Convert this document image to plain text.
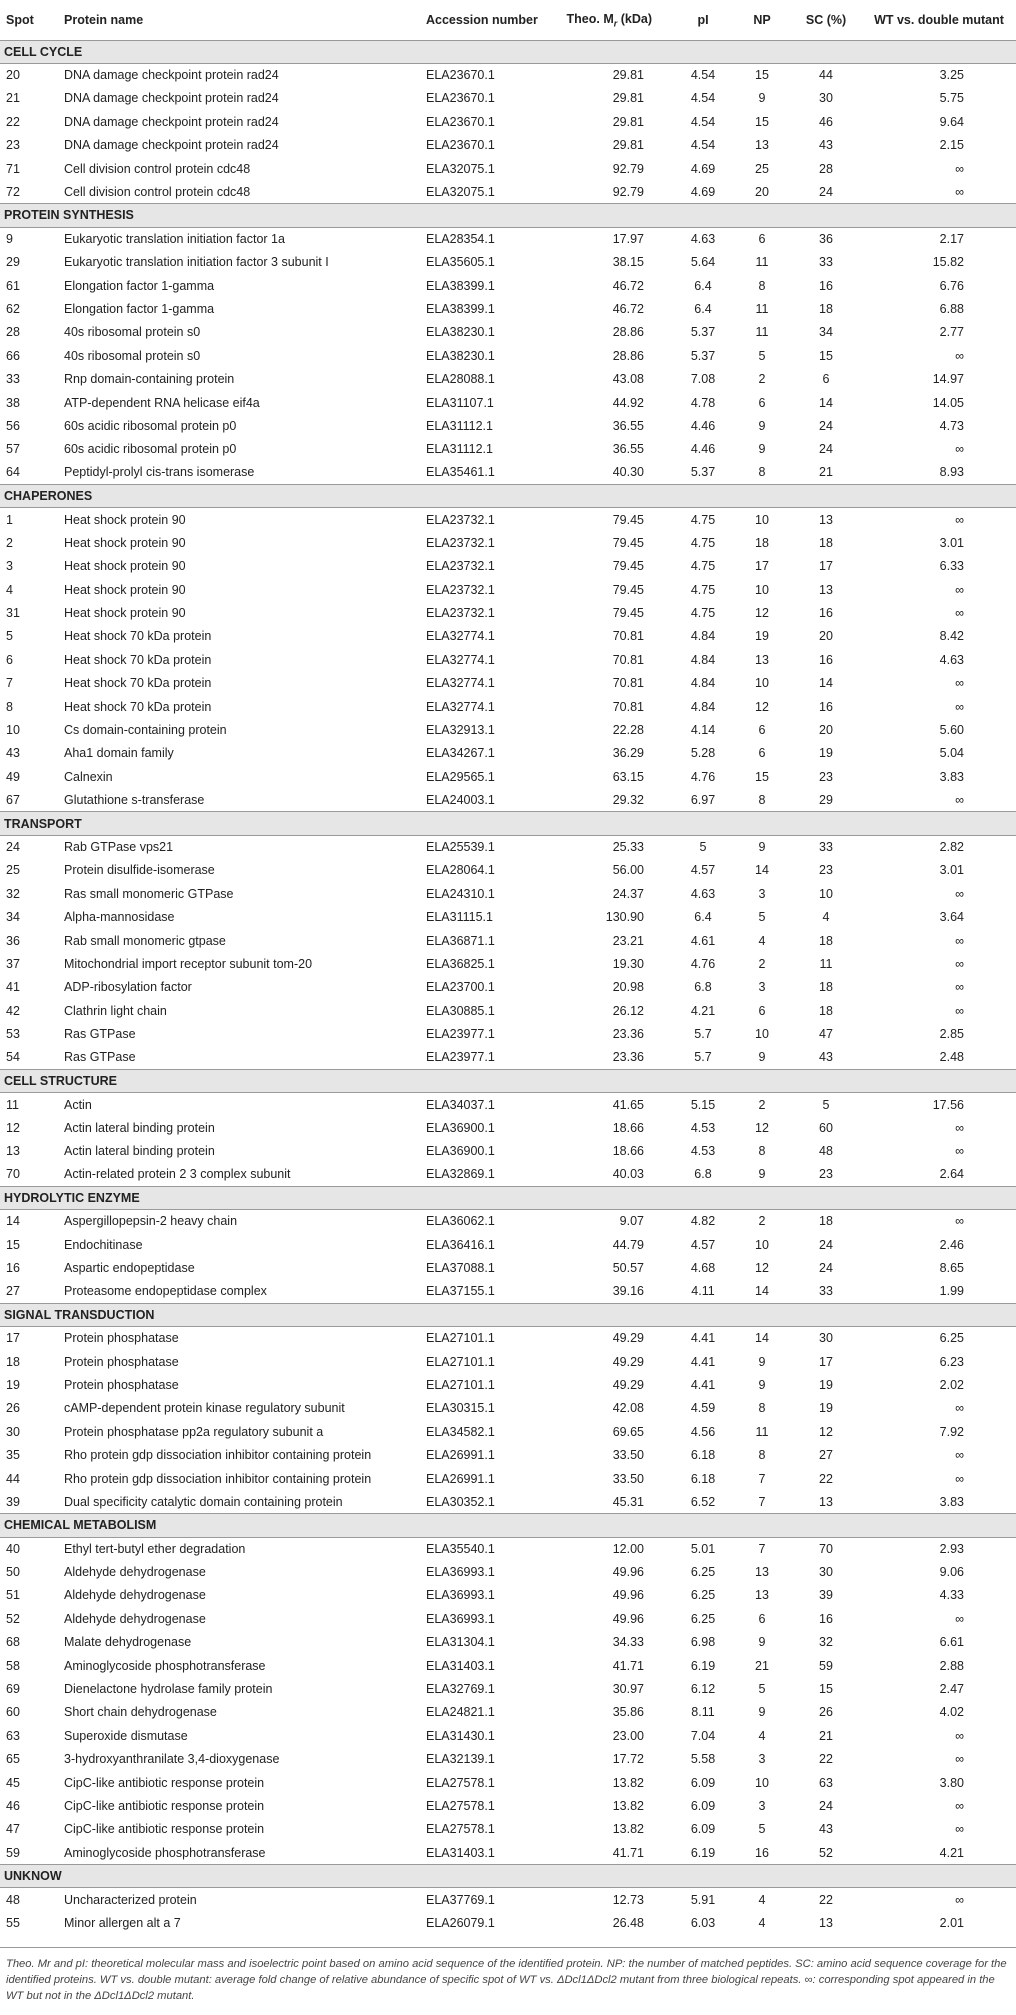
Spot	Protein name	Accession number	Theo. $M_r$ (kDa)	pI	NP	SC (%)	WT vs. double mutant
CELL CYCLE							
20	DNA damage checkpoint protein rad24	ELA23670.1	29.81	4.54	15	44	3.25
21	DNA damage checkpoint protein rad24	ELA23670.1	29.81	4.54	9	30	5.75
22	DNA damage checkpoint protein rad24	ELA23670.1	29.81	4.54	15	46	9.64
23	DNA damage checkpoint protein rad24	ELA23670.1	29.81	4.54	13	43	2.15
71	Cell division control protein cdc48	ELA32075.1	92.79	4.69	25	28	∞
72	Cell division control protein cdc48	ELA32075.1	92.79	4.69	20	24	∞
PROTEIN SYNTHESIS							
9	Eukaryotic translation initiation factor 1a	ELA28354.1	17.97	4.63	6	36	2.17
29	Eukaryotic translation initiation factor 3 subunit I	ELA35605.1	38.15	5.64	11	33	15.82
61	Elongation factor 1-gamma	ELA38399.1	46.72	6.4	8	16	6.76
62	Elongation factor 1-gamma	ELA38399.1	46.72	6.4	11	18	6.88
28	40s ribosomal protein s0	ELA38230.1	28.86	5.37	11	34	2.77
66	40s ribosomal protein s0	ELA38230.1	28.86	5.37	5	15	∞
33	Rnp domain-containing protein	ELA28088.1	43.08	7.08	2	6	14.97
38	ATP-dependent RNA helicase eif4a	ELA31107.1	44.92	4.78	6	14	14.05
56	60s acidic ribosomal protein p0	ELA31112.1	36.55	4.46	9	24	4.73
57	60s acidic ribosomal protein p0	ELA31112.1	36.55	4.46	9	24	∞
64	Peptidyl-prolyl cis-trans isomerase	ELA35461.1	40.30	5.37	8	21	8.93
CHAPERONES							
1	Heat shock protein 90	ELA23732.1	79.45	4.75	10	13	∞
2	Heat shock protein 90	ELA23732.1	79.45	4.75	18	18	3.01
3	Heat shock protein 90	ELA23732.1	79.45	4.75	17	17	6.33
4	Heat shock protein 90	ELA23732.1	79.45	4.75	10	13	∞
31	Heat shock protein 90	ELA23732.1	79.45	4.75	12	16	∞
5	Heat shock 70 kDa protein	ELA32774.1	70.81	4.84	19	20	8.42
6	Heat shock 70 kDa protein	ELA32774.1	70.81	4.84	13	16	4.63
7	Heat shock 70 kDa protein	ELA32774.1	70.81	4.84	10	14	∞
8	Heat shock 70 kDa protein	ELA32774.1	70.81	4.84	12	16	∞
10	Cs domain-containing protein	ELA32913.1	22.28	4.14	6	20	5.60
43	Aha1 domain family	ELA34267.1	36.29	5.28	6	19	5.04
49	Calnexin	ELA29565.1	63.15	4.76	15	23	3.83
67	Glutathione s-transferase	ELA24003.1	29.32	6.97	8	29	∞
TRANSPORT							
24	Rab GTPase vps21	ELA25539.1	25.33	5	9	33	2.82
25	Protein disulfide-isomerase	ELA28064.1	56.00	4.57	14	23	3.01
32	Ras small monomeric GTPase	ELA24310.1	24.37	4.63	3	10	∞
34	Alpha-mannosidase	ELA31115.1	130.90	6.4	5	4	3.64
36	Rab small monomeric gtpase	ELA36871.1	23.21	4.61	4	18	∞
37	Mitochondrial import receptor subunit tom-20	ELA36825.1	19.30	4.76	2	11	∞
41	ADP-ribosylation factor	ELA23700.1	20.98	6.8	3	18	∞
42	Clathrin light chain	ELA30885.1	26.12	4.21	6	18	∞
53	Ras GTPase	ELA23977.1	23.36	5.7	10	47	2.85
54	Ras GTPase	ELA23977.1	23.36	5.7	9	43	2.48
CELL STRUCTURE							
11	Actin	ELA34037.1	41.65	5.15	2	5	17.56
12	Actin lateral binding protein	ELA36900.1	18.66	4.53	12	60	∞
13	Actin lateral binding protein	ELA36900.1	18.66	4.53	8	48	∞
70	Actin-related protein 2 3 complex subunit	ELA32869.1	40.03	6.8	9	23	2.64
HYDROLYTIC ENZYME							
14	Aspergillopepsin-2 heavy chain	ELA36062.1	9.07	4.82	2	18	∞
15	Endochitinase	ELA36416.1	44.79	4.57	10	24	2.46
16	Aspartic endopeptidase	ELA37088.1	50.57	4.68	12	24	8.65
27	Proteasome endopeptidase complex	ELA37155.1	39.16	4.11	14	33	1.99
SIGNAL TRANSDUCTION							
17	Protein phosphatase	ELA27101.1	49.29	4.41	14	30	6.25
18	Protein phosphatase	ELA27101.1	49.29	4.41	9	17	6.23
19	Protein phosphatase	ELA27101.1	49.29	4.41	9	19	2.02
26	cAMP-dependent protein kinase regulatory subunit	ELA30315.1	42.08	4.59	8	19	∞
30	Protein phosphatase pp2a regulatory subunit a	ELA34582.1	69.65	4.56	11	12	7.92
35	Rho protein gdp dissociation inhibitor containing protein	ELA26991.1	33.50	6.18	8	27	∞
44	Rho protein gdp dissociation inhibitor containing protein	ELA26991.1	33.50	6.18	7	22	∞
39	Dual specificity catalytic domain containing protein	ELA30352.1	45.31	6.52	7	13	3.83
CHEMICAL METABOLISM							
40	Ethyl tert-butyl ether degradation	ELA35540.1	12.00	5.01	7	70	2.93
50	Aldehyde dehydrogenase	ELA36993.1	49.96	6.25	13	30	9.06
51	Aldehyde dehydrogenase	ELA36993.1	49.96	6.25	13	39	4.33
52	Aldehyde dehydrogenase	ELA36993.1	49.96	6.25	6	16	∞
68	Malate dehydrogenase	ELA31304.1	34.33	6.98	9	32	6.61
58	Aminoglycoside phosphotransferase	ELA31403.1	41.71	6.19	21	59	2.88
69	Dienelactone hydrolase family protein	ELA32769.1	30.97	6.12	5	15	2.47
60	Short chain dehydrogenase	ELA24821.1	35.86	8.11	9	26	4.02
63	Superoxide dismutase	ELA31430.1	23.00	7.04	4	21	∞
65	3-hydroxyanthranilate 3,4-dioxygenase	ELA32139.1	17.72	5.58	3	22	∞
45	CipC-like antibiotic response protein	ELA27578.1	13.82	6.09	10	63	3.80
46	CipC-like antibiotic response protein	ELA27578.1	13.82	6.09	3	24	∞
47	CipC-like antibiotic response protein	ELA27578.1	13.82	6.09	5	43	∞
59	Aminoglycoside phosphotransferase	ELA31403.1	41.71	6.19	16	52	4.21
UNKNOW							
48	Uncharacterized protein	ELA37769.1	12.73	5.91	4	22	∞
55	Minor allergen alt a 7	ELA26079.1	26.48	6.03	4	13	2.01
Theo. Mr and pI: theoretical molecular mass and isoelectric point based on amino acid sequence of the identified protein. NP: the number of matched peptides. SC: amino acid sequence coverage for the identified proteins. WT vs. double mutant: average fold change of relative abundance of specific spot of WT vs. ΔDcl1ΔDcl2 mutant from three biological repeats. ∞: corresponding spot appeared in the WT but not in the ΔDcl1ΔDcl2 mutant.
